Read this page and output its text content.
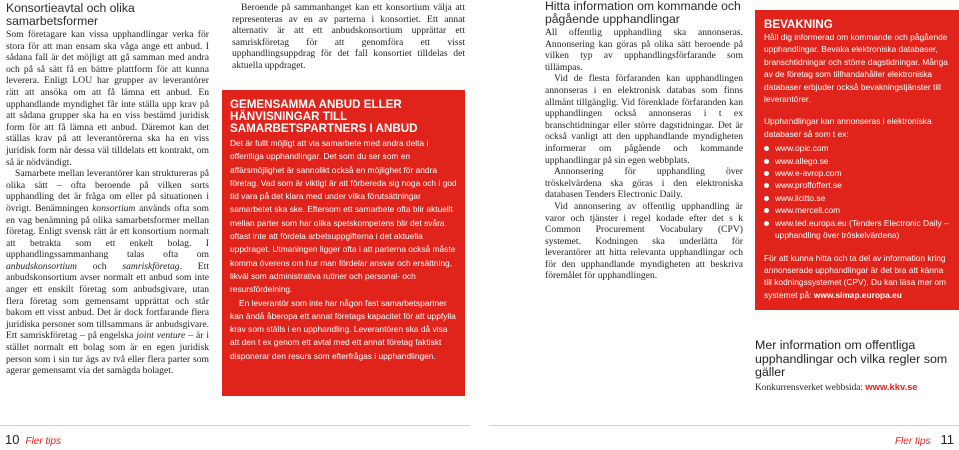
Konsortieavtal och olika samarbetsformer

Som företagare kan vissa upphandlingar verka för stora för att man ensam ska våga ange ett anbud. I sådana fall är det möjligt att gå samman med andra och på så sätt få en bättre plattform för att kunna leverera. Enligt LOU har grupper av leverantörer rätt att ansöka om att få lämna ett anbud. En upphandlande myndighet får inte ställa upp krav på att sådana grupper ska ha en viss bestämd juridisk form för att få lämna ett anbud. Däremot kan det ställas krav på att leverantörerna ska ha en viss juridisk form när dessa väl tilldelats ett kontrakt, om så är nödvändigt.

Samarbete mellan leverantörer kan struktureras på olika sätt – ofta beroende på vilken sorts upphandling det är fråga om eller på situationen i övrigt. Benämningen konsortium används ofta som en vag benämning på olika samarbetsformer mellan företag. Enligt svensk rätt är ett konsortium normalt att betrakta som ett enkelt bolag. I upphandlingssammanhang talas ofta om anbudskonsortium och samriskföretag. Ett anbudskonsortium avser normalt ett anbud som inte anger ett enskilt företag som anbudsgivare, utan flera företag som gemensamt upprättat och står bakom ett visst anbud. Det är dock fortfarande flera juridiska personer som tillsammans är anbudsgivare. Ett samriskföretag – på engelska joint venture – är i stället normalt ett bolag som är en egen juridisk person som i sin tur ägs av två eller flera parter som agerar gemensamt via det samägda bolaget.

Beroende på sammanhanget kan ett konsortium välja att representeras av en av parterna i konsortiet. Ett annat alternativ är att ett anbudskonsortium upprättar ett samriskföretag för att genomföra ett visst upphandlingsuppdrag för det fall konsortiet tilldelas det aktuella uppdraget.
GEMENSAMMA ANBUD ELLER HÄNVISNINGAR TILL SAMARBETSPARTNERS I ANBUD

Det är fullt möjligt att via samarbete med andra delta i offentliga upphandlingar. Det som du ser som en affärsmöjlighet är sannolikt också en möjlighet för andra företag. Vad som är viktigt är att förbereda sig noga och i god tid vara på det klara med under vilka förutsättningar samarbetet ska ske. Eftersom ett samarbete ofta blir aktuellt mellan parter som har olika spetskompetens blir det svåra oftast inte att fördela arbetsuppgifterna i det aktuella uppdraget. Utmaningen ligger ofta i att parterna också måste komma överens om hur man fördelar ansvar och ersättning, likväl som administrativa rutiner och personal- och resursfördelning.

En leverantör som inte har någon fast samarbetspartner kan ändå åberopa ett annat företags kapacitet för att uppfylla krav som ställs i en upphandling. Leverantören ska då visa att den t ex genom ett avtal med ett annat företag faktiskt disponerar den resurs som efterfrågas i upphandlingen.

Hitta information om kommande och pågående upphandlingar

All offentlig upphandling ska annonseras. Annonsering kan göras på olika sätt beroende på vilken typ av upphandlingsförfarande som tillämpas.

Vid de flesta förfaranden kan upphandlingen annonseras i en elektronisk databas som finns allmänt tillgänglig. Vid förenklade förfaranden kan upphandlingen också annonseras i t ex branschtidningar eller större dagstidningar. Det är också vanligt att den upphandlande myndigheten informerar om pågående och kommande upphandlingar på sin egen webbplats.

Annonsering för upphandling över tröskelvärdena ska göras i den elektroniska databasen Tenders Electronic Daily.

Vid annonsering av offentlig upphandling är varor och tjänster i regel kodade efter det s k Common Procurement Vocabulary (CPV) systemet. Kodningen ska underlätta för leverantörer att hitta relevanta upphandlingar och för den upphandlande myndigheten att beskriva föremålet för upphandlingen.

BEVAKNING

Håll dig informerad om kommande och pågående upphandlingar. Bevaka elektroniska databaser, branschtidningar och större dagstidningar. Många av de företag som tillhandahåller elektroniska databaser erbjuder också bevakningstjänster till leverantörer.

Upphandlingar kan annonseras i elektroniska databaser så som t ex:

www.opic.com
www.allego.se
www.e-avrop.com
www.proffoffert.se
www.licitto.se
www.mercell.com
www.ted.europa.eu (Tenders Electronic Daily – upphandling över tröskelvärdena)

För att kunna hitta och ta del av information kring annonserade upphandlingar är det bra att känna till kodningssystemet (CPV). Du kan läsa mer om systemet på: www.simap.europa.eu

Mer information om offentliga upphandlingar och vilka regler som gäller

Konkurrensverket webbsida: www.kkv.se

10 Fler tips	Fler tips 11
